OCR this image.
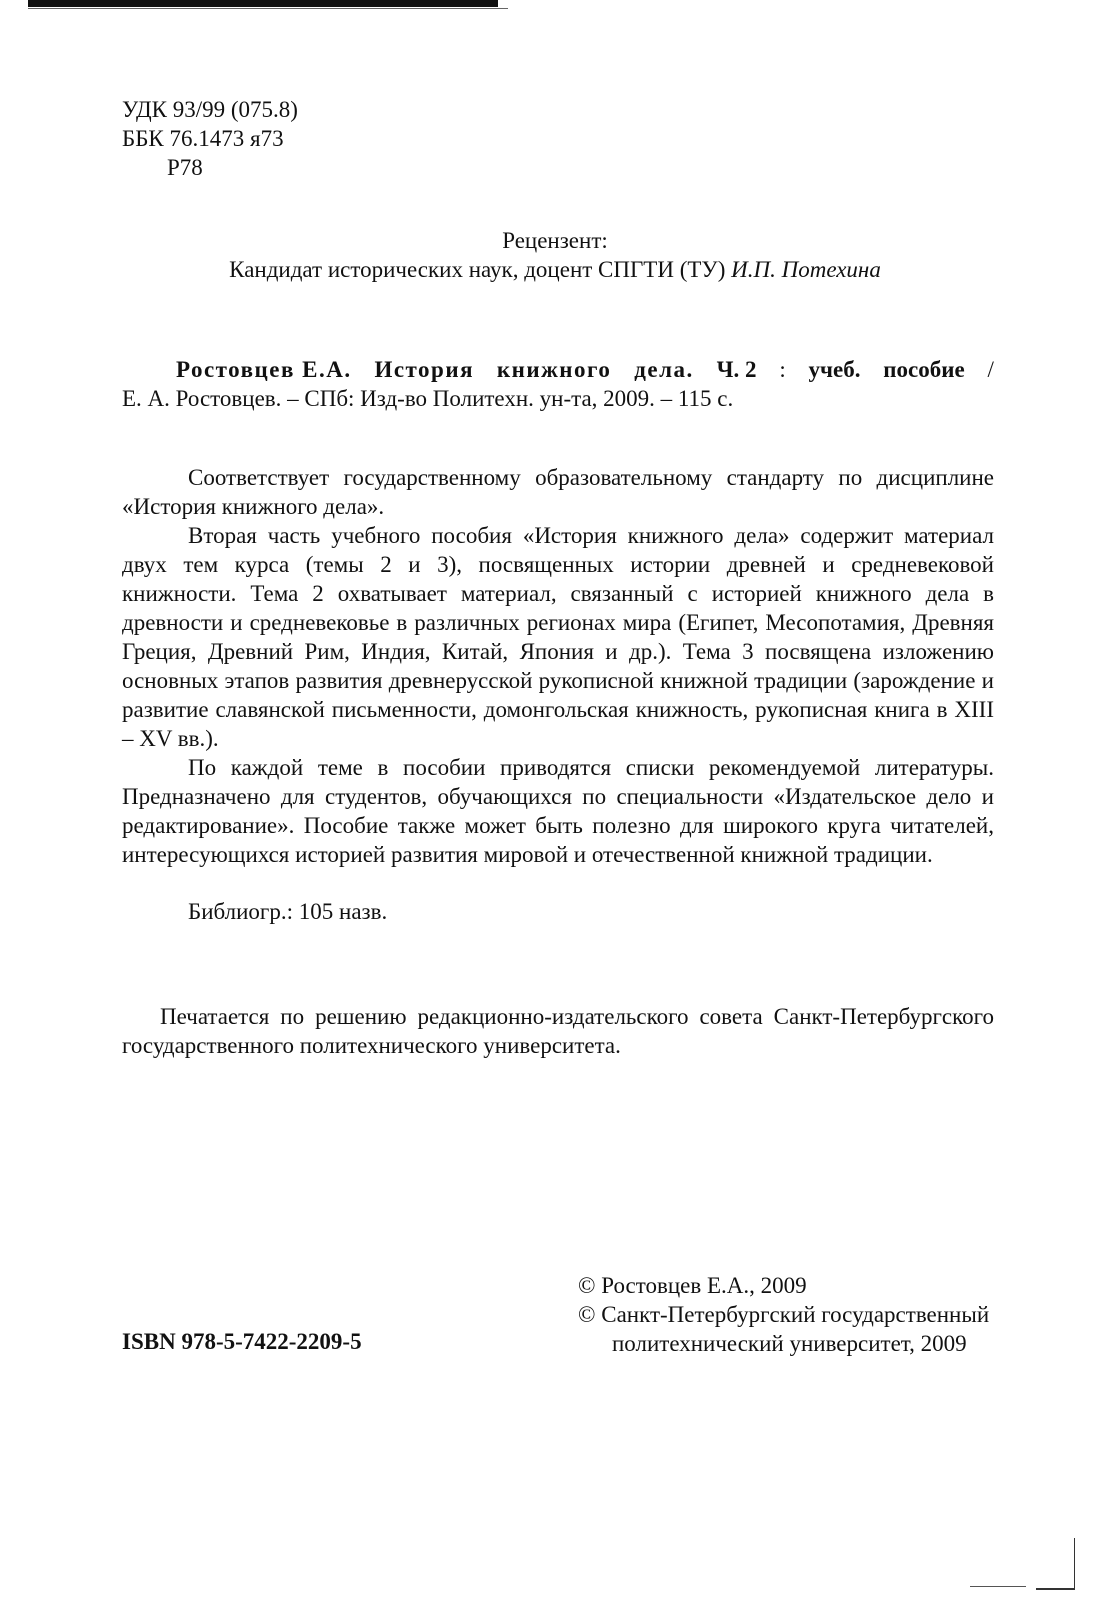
УДК 93/99 (075.8)
ББК 76.1473 я73
Р78
Рецензент:
Кандидат исторических наук, доцент СПГТИ (ТУ) И.П. Потехина
Ростовцев Е.А. История книжного дела. Ч. 2 : учеб. пособие /
Е. А. Ростовцев. – СПб: Изд-во Политехн. ун-та, 2009. – 115 с.

Соответствует государственному образовательному стандарту по дисциплине «История книжного дела».

Вторая часть учебного пособия «История книжного дела» содержит материал двух тем курса (темы 2 и 3), посвященных истории древней и средневековой книжности. Тема 2 охватывает материал, связанный с историей книжного дела в древности и средневековье в различных регионах мира (Египет, Месопотамия, Древняя Греция, Древний Рим, Индия, Китай, Япония и др.). Тема 3 посвящена изложению основных этапов развития древнерусской рукописной книжной традиции (зарождение и развитие славянской письменности, домонгольская книжность, рукописная книга в XIII – XV вв.).

По каждой теме в пособии приводятся списки рекомендуемой литературы. Предназначено для студентов, обучающихся по специальности «Издательское дело и редактирование». Пособие также может быть полезно для широкого круга читателей, интересующихся историей развития мировой и отечественной книжной традиции.

Библиогр.: 105 назв.

Печатается по решению редакционно-издательского совета Санкт-Петербургского государственного политехнического университета.

ISBN 978-5-7422-2209-5
© Ростовцев Е.А., 2009
© Санкт-Петербургский государственный
политехнический университет, 2009
